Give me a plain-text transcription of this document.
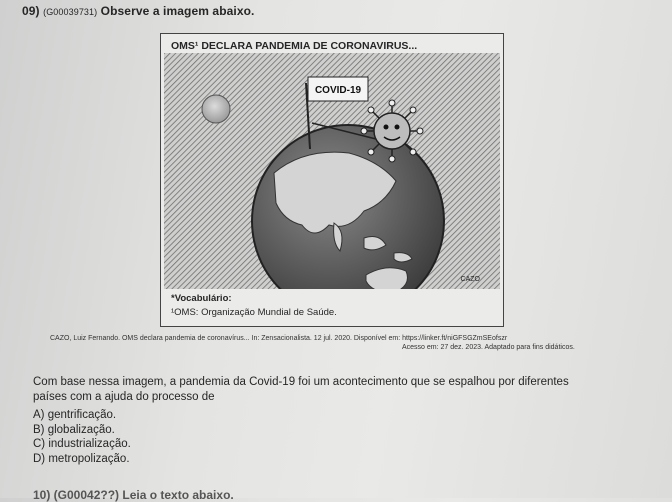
09) (G00039731) Observe a imagem abaixo.
OMS¹ DECLARA PANDEMIA DE CORONAVIRUS...
COVID-19
CAZO
*Vocabulário:
¹OMS: Organização Mundial de Saúde.
CAZO, Luiz Fernando. OMS declara pandemia de coronavírus... In: Zensacionalista. 12 jul. 2020. Disponível em: https://linker.ft/niGFSGZmSEofszr
Acesso em: 27 dez. 2023. Adaptado para fins didáticos.
Com base nessa imagem, a pandemia da Covid-19 foi um acontecimento que se espalhou por diferentes
países com a ajuda do processo de
A) gentrificação.
B) globalização.
C) industrialização.
D) metropolização.
10) (G00042??) Leia o texto abaixo.
